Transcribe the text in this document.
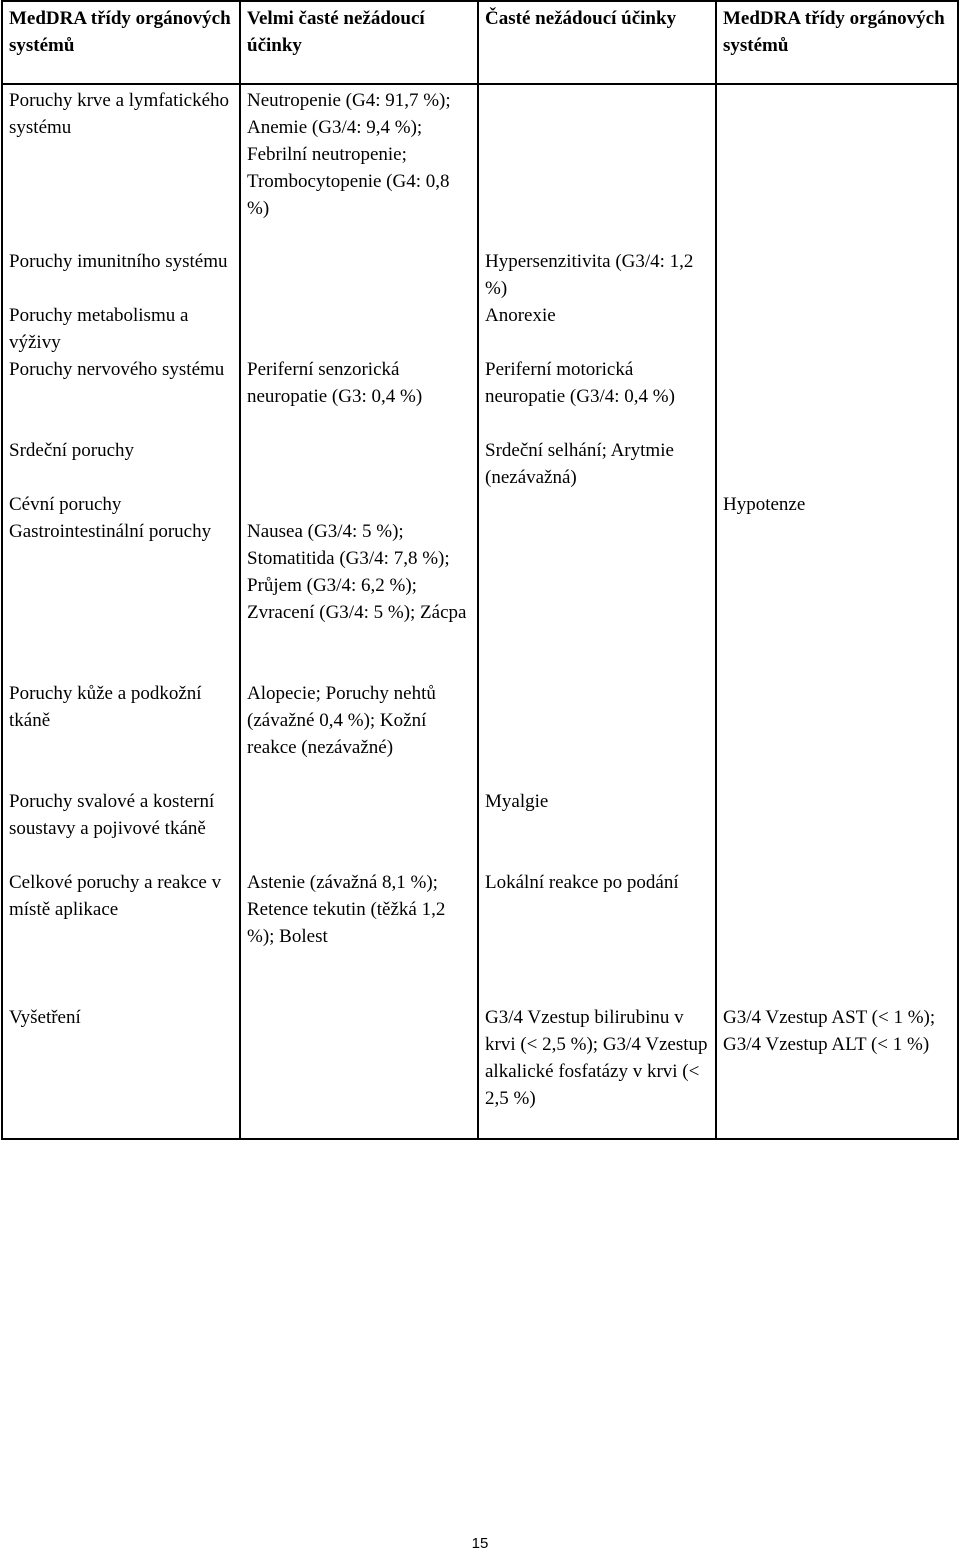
MedDRA třídy orgánových systémů	Velmi časté nežádoucí účinky	Časté nežádoucí účinky	MedDRA třídy orgánových systémů
Poruchy krve a lymfatického systému	Neutropenie (G4: 91,7 %); Anemie (G3/4: 9,4 %); Febrilní neutropenie; Trombocytopenie (G4: 0,8 %)		
Poruchy imunitního systému		Hypersenzitivita (G3/4: 1,2 %)	
Poruchy metabolismu a výživy		Anorexie	
Poruchy nervového systému	Periferní senzorická neuropatie (G3: 0,4 %)	Periferní motorická neuropatie (G3/4: 0,4 %)	
Srdeční poruchy		Srdeční selhání; Arytmie (nezávažná)	
Cévní poruchy			Hypotenze
Gastrointestinální poruchy	Nausea (G3/4: 5 %); Stomatitida (G3/4: 7,8 %); Průjem (G3/4: 6,2 %); Zvracení (G3/4: 5 %); Zácpa		
Poruchy kůže a podkožní tkáně	Alopecie; Poruchy nehtů (závažné 0,4 %); Kožní reakce (nezávažné)		
Poruchy svalové a kosterní soustavy a pojivové tkáně		Myalgie	
Celkové poruchy a reakce v místě aplikace	Astenie (závažná 8,1 %); Retence tekutin (těžká 1,2 %); Bolest	Lokální reakce po podání	
Vyšetření		G3/4 Vzestup bilirubinu v krvi (< 2,5 %); G3/4 Vzestup alkalické fosfatázy v krvi (< 2,5 %)	G3/4 Vzestup AST (< 1 %); G3/4 Vzestup ALT (< 1 %)
15
